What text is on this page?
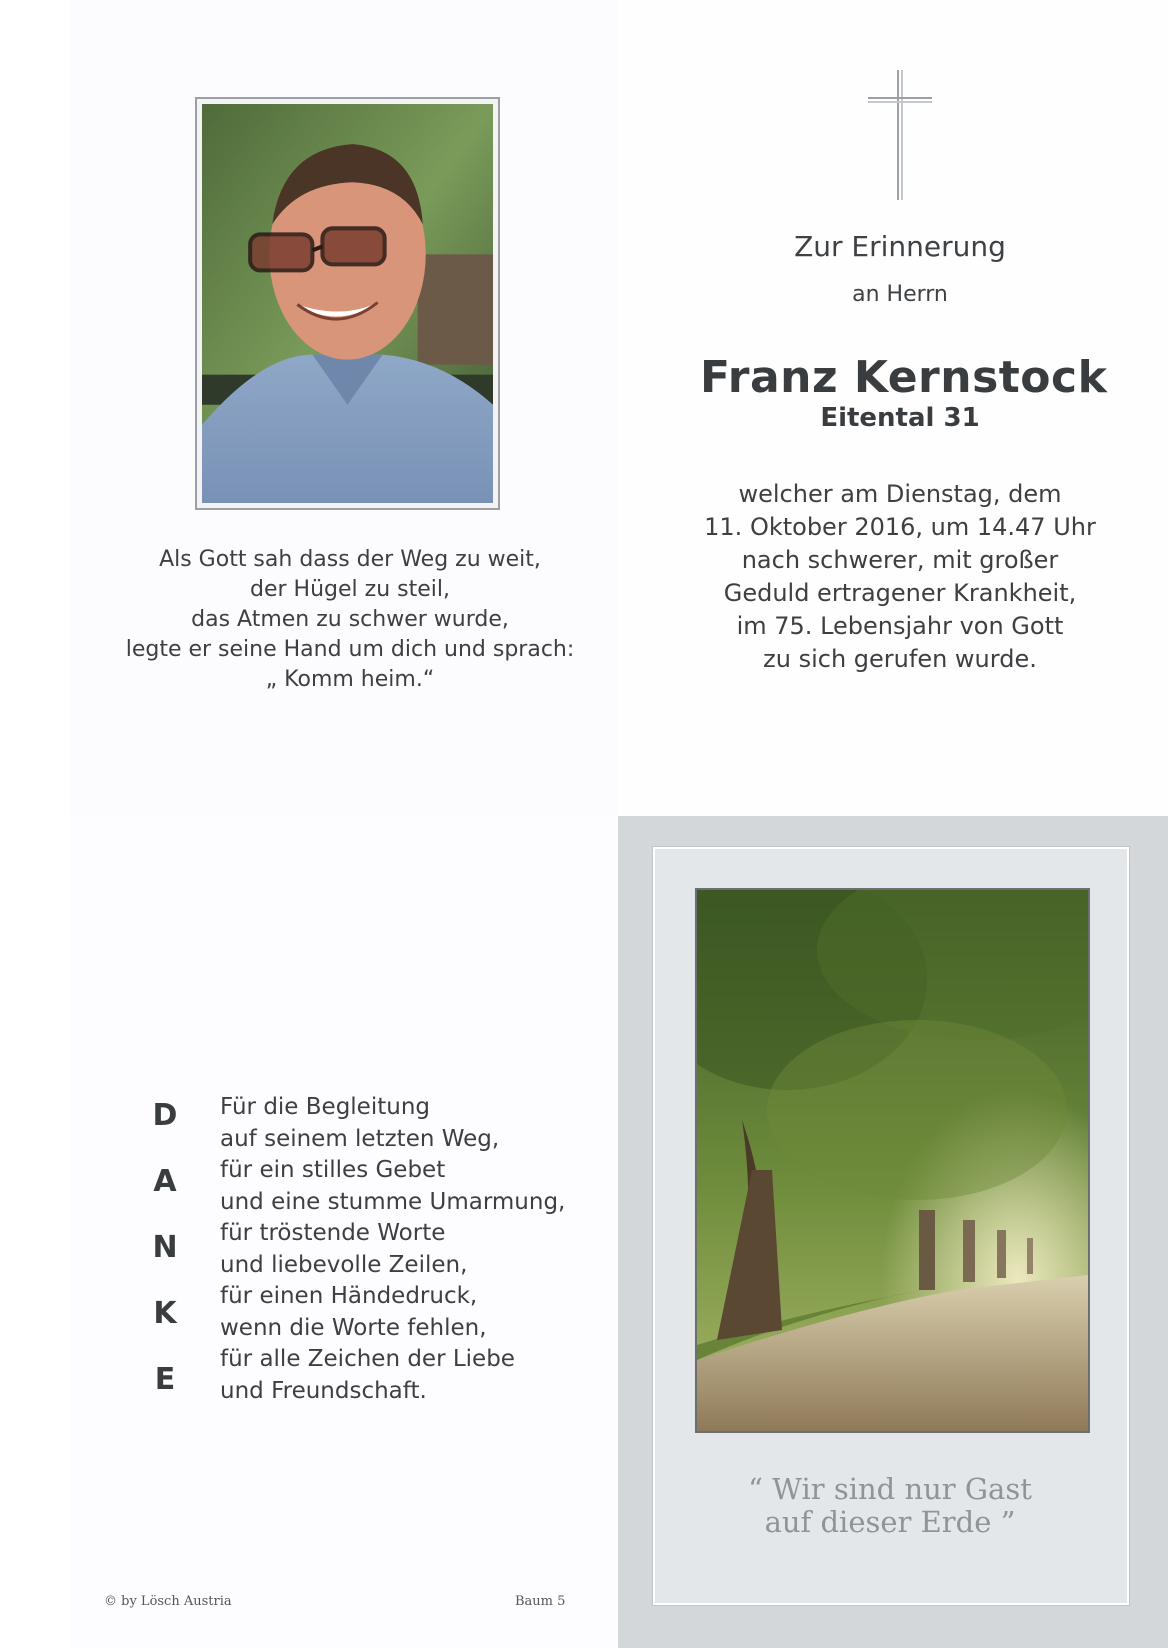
Als Gott sah dass der Weg zu weit,
der Hügel zu steil,
das Atmen zu schwer wurde,
legte er seine Hand um dich und sprach:
„ Komm heim.“
Zur Erinnerung
an Herrn
Franz Kernstock
Eitental 31
welcher am Dienstag, dem
11. Oktober 2016, um 14.47 Uhr
nach schwerer, mit großer
Geduld ertragener Krankheit,
im 75. Lebensjahr von Gott
zu sich gerufen wurde.
D
A
N
K
E
Für die Begleitung
auf seinem letzten Weg,
für ein stilles Gebet
und eine stumme Umarmung,
für tröstende Worte
und liebevolle Zeilen,
für einen Händedruck,
wenn die Worte fehlen,
für alle Zeichen der Liebe
und Freundschaft.
© by Lösch Austria	Baum 5
“ Wir sind nur Gast
auf dieser Erde ”
